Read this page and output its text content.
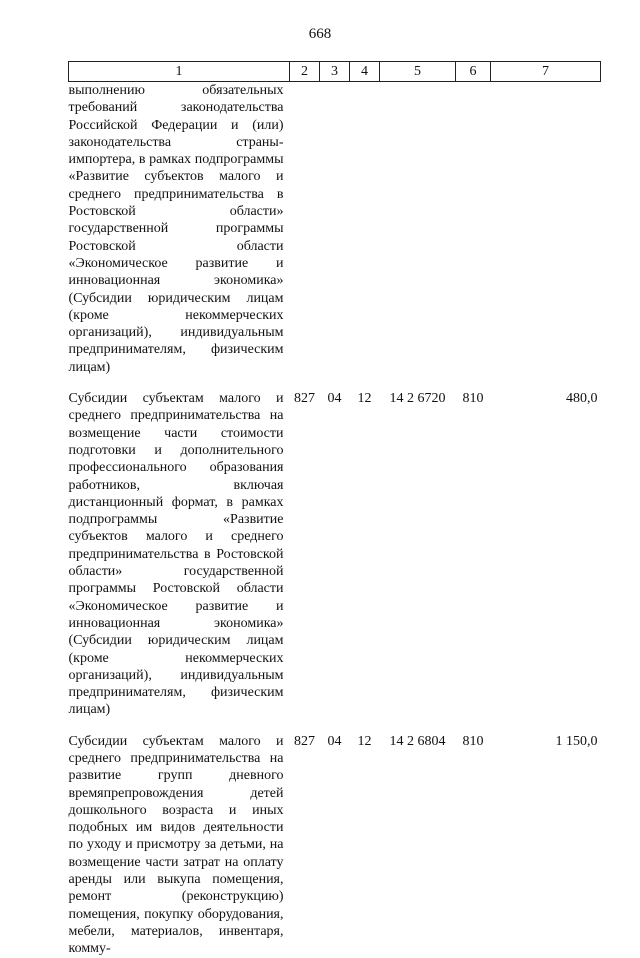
668
1	2	3	4	5	6	7
выполнению обязательных требований законодательства Российской Федерации и (или) законодательства страны-импортера, в рамках подпрограммы «Развитие субъектов малого и среднего предпринимательства в Ростовской области» государственной программы Ростовской области «Экономическое развитие и инновационная экономика» (Субсидии юридическим лицам (кроме некоммерческих организаций), индивидуальным предпринимателям, физическим лицам)						

Субсидии субъектам малого и среднего предпринимательства на возмещение части стоимости подготовки и дополнительного профессионального образования работников, включая дистанционный формат, в рамках подпрограммы «Развитие субъектов малого и среднего предпринимательства в Ростовской области» государственной программы Ростовской области «Экономическое развитие и инновационная экономика» (Субсидии юридическим лицам (кроме некоммерческих организаций), индивидуальным предпринимателям, физическим лицам)	827	04	12	14 2 6720	810	480,0

Субсидии субъектам малого и среднего предпринимательства на развитие групп дневного времяпрепровождения детей дошкольного возраста и иных подобных им видов деятельности по уходу и присмотру за детьми, на возмещение части затрат на оплату аренды или выкупа помещения, ремонт (реконструкцию) помещения, покупку оборудования, мебели, материалов, инвентаря, комму-	827	04	12	14 2 6804	810	1 150,0
